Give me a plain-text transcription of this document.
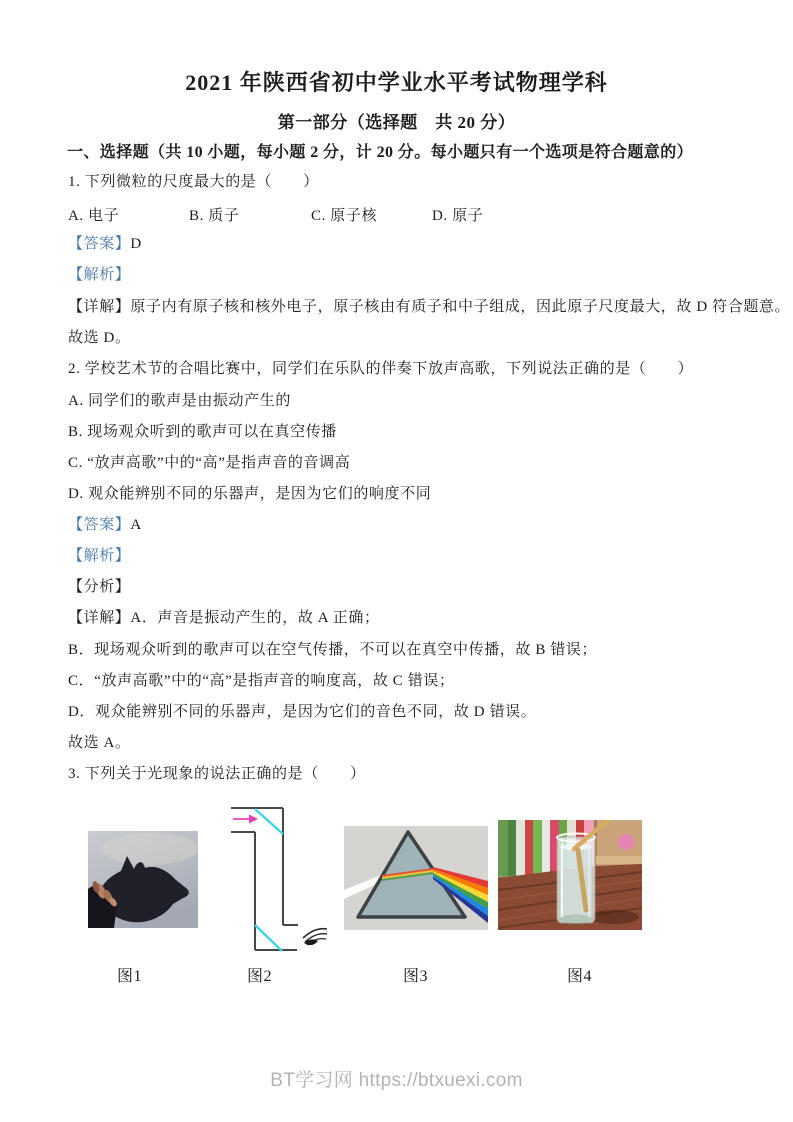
2021 年陕西省初中学业水平考试物理学科
第一部分（选择题　共 20 分）
一、选择题（共 10 小题，每小题 2 分，计 20 分。每小题只有一个选项是符合题意的）
1. 下列微粒的尺度最大的是（　　）
A. 电子	B. 质子	C. 原子核	D. 原子
【答案】D
【解析】
【详解】原子内有原子核和核外电子，原子核由有质子和中子组成，因此原子尺度最大，故 D 符合题意。
故选 D。
2. 学校艺术节的合唱比赛中，同学们在乐队的伴奏下放声高歌，下列说法正确的是（　　）
A. 同学们的歌声是由振动产生的
B. 现场观众听到的歌声可以在真空传播
C. “放声高歌”中的“高”是指声音的音调高
D. 观众能辨别不同的乐器声，是因为它们的响度不同
【答案】A
【解析】
【分析】
【详解】A．声音是振动产生的，故 A 正确；
B．现场观众听到的歌声可以在空气传播，不可以在真空中传播，故 B 错误；
C．“放声高歌”中的“高”是指声音的响度高，故 C 错误；
D．观众能辨别不同的乐器声，是因为它们的音色不同，故 D 错误。
故选 A。
3. 下列关于光现象的说法正确的是（　　）
图1	图2	图3	图4
BT学习网 https://btxuexi.com
